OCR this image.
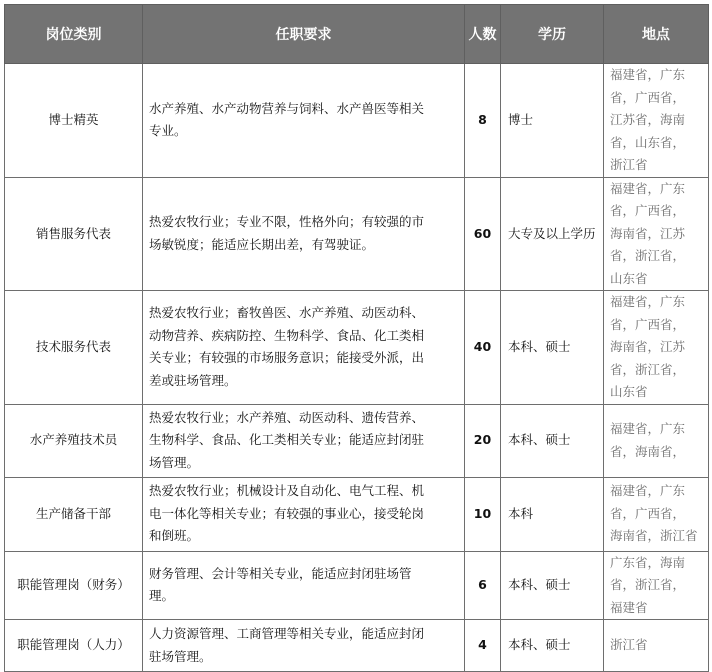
岗位类别	任职要求	人数	学历	地点
博士精英	水产养殖、水产动物营养与饲料、水产兽医等相关
专业。	8	博士	福建省，广东省，广西省，
江苏省，海南省，山东省，
浙江省
销售服务代表	热爱农牧行业；专业不限，性格外向；有较强的市
场敏锐度；能适应长期出差，有驾驶证。	60	大专及以上学历	福建省，广东省，广西省，
海南省，江苏省，浙江省，
山东省
技术服务代表	热爱农牧行业；畜牧兽医、水产养殖、动医动科、
动物营养、疾病防控、生物科学、食品、化工类相
关专业；有较强的市场服务意识；能接受外派，出
差或驻场管理。	40	本科、硕士	福建省，广东省，广西省，
海南省，江苏省，浙江省，
山东省
水产养殖技术员	热爱农牧行业；水产养殖、动医动科、遗传营养、
生物科学、食品、化工类相关专业；能适应封闭驻
场管理。	20	本科、硕士	福建省，广东省，海南省，
生产储备干部	热爱农牧行业；机械设计及自动化、电气工程、机
电一体化等相关专业；有较强的事业心，接受轮岗
和倒班。	10	本科	福建省，广东省，广西省，
海南省，浙江省
职能管理岗（财务）	财务管理、会计等相关专业，能适应封闭驻场管
理。	6	本科、硕士	广东省，海南省，浙江省，
福建省
职能管理岗（人力）	人力资源管理、工商管理等相关专业，能适应封闭
驻场管理。	4	本科、硕士	浙江省
